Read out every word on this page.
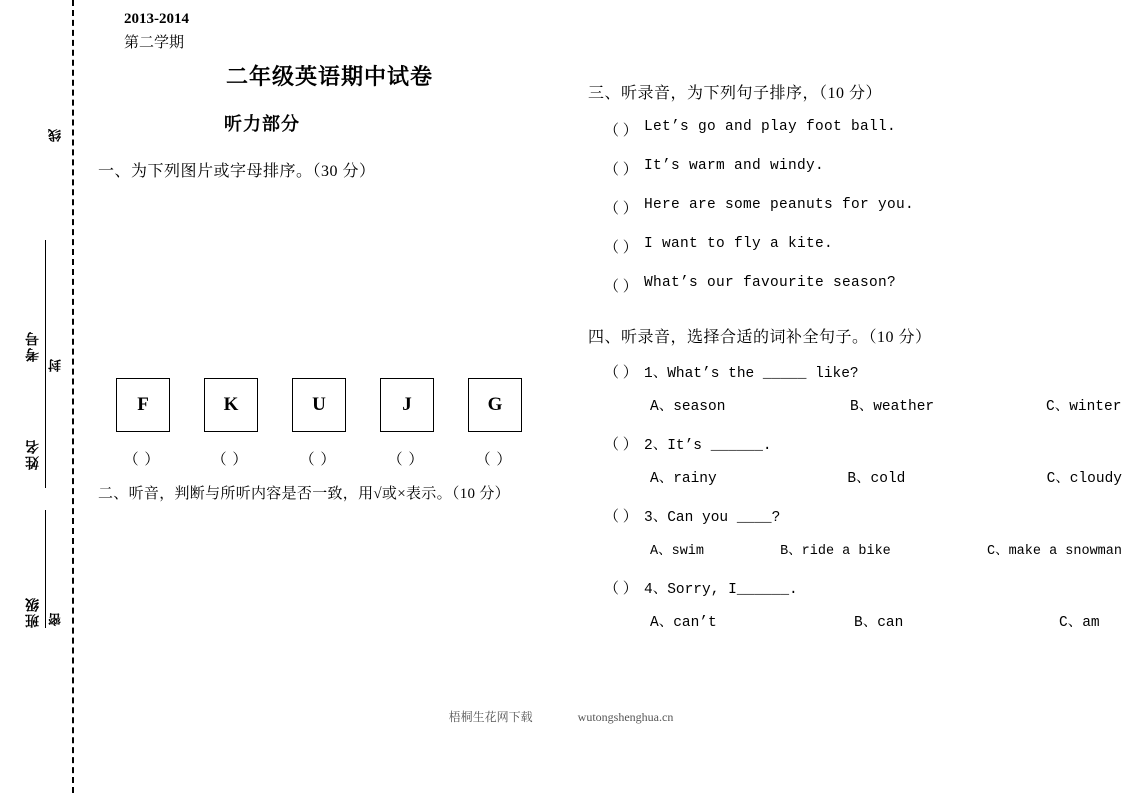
线
封
密
考号
姓名
班级
2013-2014
第二学期
二年级英语期中试卷
听力部分
一、为下列图片或字母排序。（30 分）
F	K	U	J	G
（ ）	（ ）	（ ）	（ ）	（ ）
二、听音，判断与所听内容是否一致，用√或×表示。（10 分）
三、听录音，为下列句子排序，（10 分）
（ ） Let’s go and play foot ball.
（ ） It’s warm and windy.
（ ） Here are some peanuts for you.
（ ） I want to fly a kite.
（ ） What’s our favourite season?
四、听录音，选择合适的词补全句子。（10 分）
（ ） 1、What’s the _____ like?
A、season	B、weather	C、winter
（ ） 2、It’s ______.
A、rainy	B、cold	C、cloudy
（ ） 3、Can you ____?
A、swim	B、ride a bike	C、make a snowman
（ ） 4、Sorry, I______.
A、can’t	B、can	C、am
梧桐生花网下载	wutongshenghua.cn
